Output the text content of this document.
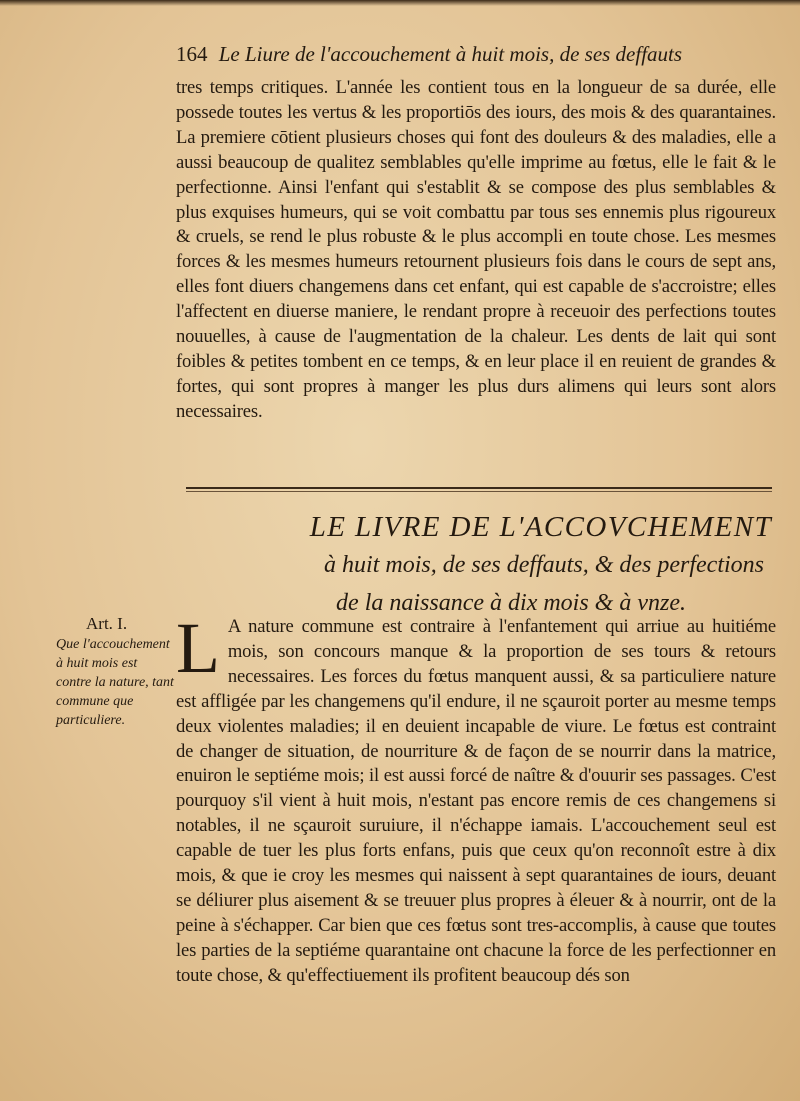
164 Le Liure de l'accouchement à huit mois, de ses deffauts
tres temps critiques. L'année les contient tous en la longueur de sa durée, elle possede toutes les vertus & les proportiōs des iours, des mois & des quarantaines. La premiere cōtient plusieurs choses qui font des douleurs & des maladies, elle a aussi beaucoup de qualitez semblables qu'elle imprime au fœtus, elle le fait & le perfectionne. Ainsi l'enfant qui s'establit & se compose des plus semblables & plus exquises humeurs, qui se voit combattu par tous ses ennemis plus rigoureux & cruels, se rend le plus robuste & le plus accompli en toute chose. Les mesmes forces & les mesmes humeurs retournent plusieurs fois dans le cours de sept ans, elles font diuers changemens dans cet enfant, qui est capable de s'accroistre; elles l'affectent en diuerse maniere, le rendant propre à receuoir des perfections toutes nouuelles, à cause de l'augmentation de la chaleur. Les dents de lait qui sont foibles & petites tombent en ce temps, & en leur place il en reuient de grandes & fortes, qui sont propres à manger les plus durs alimens qui leurs sont alors necessaires.
LE LIVRE DE L'ACCOVCHEMENT
à huit mois, de ses deffauts, & des perfections
de la naissance à dix mois & à vnze.
Art. I.
Que l'accouchement à huit mois est contre la nature, tant commune que particuliere.
L A nature commune est contraire à l'enfantement qui arriue au huitiéme mois, son concours manque & la proportion de ses tours & retours necessaires. Les forces du fœtus manquent aussi, & sa particuliere nature est affligée par les changemens qu'il endure, il ne sçauroit porter au mesme temps deux violentes maladies; il en deuient incapable de viure. Le fœtus est contraint de changer de situation, de nourriture & de façon de se nourrir dans la matrice, enuiron le septiéme mois; il est aussi forcé de naître & d'ouurir ses passages. C'est pourquoy s'il vient à huit mois, n'estant pas encore remis de ces changemens si notables, il ne sçauroit suruiure, il n'échappe iamais. L'accouchement seul est capable de tuer les plus forts enfans, puis que ceux qu'on reconnoît estre à dix mois, & que ie croy les mesmes qui naissent à sept quarantaines de iours, deuant se déliurer plus aisement & se treuuer plus propres à éleuer & à nourrir, ont de la peine à s'échapper. Car bien que ces fœtus sont tres-accomplis, à cause que toutes les parties de la septiéme quarantaine ont chacune la force de les perfectionner en toute chose, & qu'effectiuement ils profitent beaucoup dés son
